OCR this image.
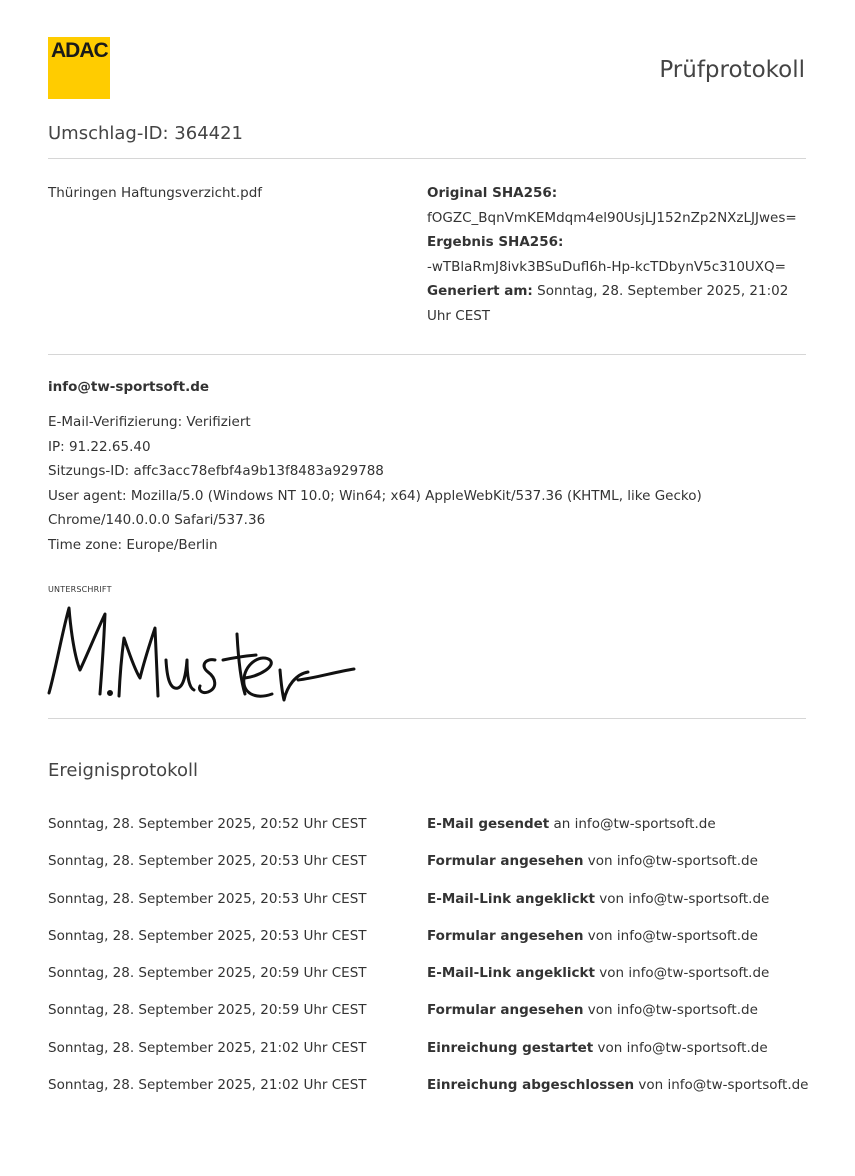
ADAC
Prüfprotokoll
Umschlag-ID: 364421
Thüringen Haftungsverzicht.pdf	Original SHA256:
fOGZC_BqnVmKEMdqm4el90UsjLJ152nZp2NXzLJJwes=
Ergebnis SHA256:
-wTBlaRmJ8ivk3BSuDufl6h-Hp-kcTDbynV5c310UXQ=
Generiert am: Sonntag, 28. September 2025, 21:02 Uhr CEST
info@tw-sportsoft.de
E-Mail-Verifizierung: Verifiziert
IP: 91.22.65.40
Sitzungs-ID: affc3acc78efbf4a9b13f8483a929788
User agent: Mozilla/5.0 (Windows NT 10.0; Win64; x64) AppleWebKit/537.36 (KHTML, like Gecko) Chrome/140.0.0.0 Safari/537.36
Time zone: Europe/Berlin
UNTERSCHRIFT
Ereignisprotokoll
Sonntag, 28. September 2025, 20:52 Uhr CEST	E-Mail gesendet an info@tw-sportsoft.de
Sonntag, 28. September 2025, 20:53 Uhr CEST	Formular angesehen von info@tw-sportsoft.de
Sonntag, 28. September 2025, 20:53 Uhr CEST	E-Mail-Link angeklickt von info@tw-sportsoft.de
Sonntag, 28. September 2025, 20:53 Uhr CEST	Formular angesehen von info@tw-sportsoft.de
Sonntag, 28. September 2025, 20:59 Uhr CEST	E-Mail-Link angeklickt von info@tw-sportsoft.de
Sonntag, 28. September 2025, 20:59 Uhr CEST	Formular angesehen von info@tw-sportsoft.de
Sonntag, 28. September 2025, 21:02 Uhr CEST	Einreichung gestartet von info@tw-sportsoft.de
Sonntag, 28. September 2025, 21:02 Uhr CEST	Einreichung abgeschlossen von info@tw-sportsoft.de
